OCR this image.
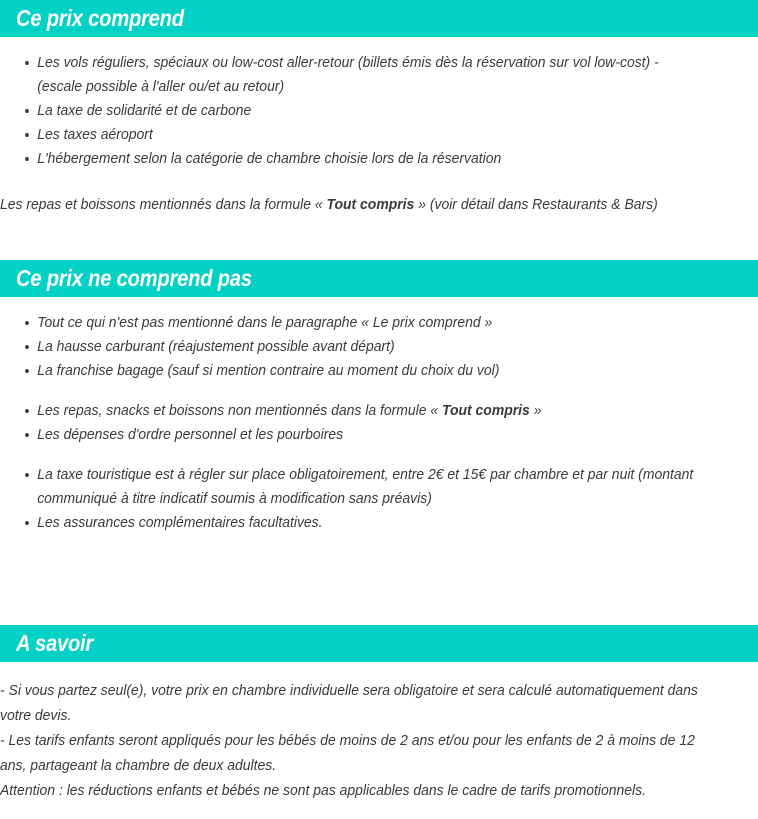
Ce prix comprend
Les vols réguliers, spéciaux ou low-cost aller-retour (billets émis dès la réservation sur vol low-cost) - (escale possible à l'aller ou/et au retour)
La taxe de solidarité et de carbone
Les taxes aéroport
L'hébergement selon la catégorie de chambre choisie lors de la réservation

Les repas et boissons mentionnés dans la formule « Tout compris » (voir détail dans Restaurants & Bars)

Ce prix ne comprend pas
Tout ce qui n'est pas mentionné dans le paragraphe « Le prix comprend »
La hausse carburant (réajustement possible avant départ)
La franchise bagage (sauf si mention contraire au moment du choix du vol)
Les repas, snacks et boissons non mentionnés dans la formule « Tout compris »
Les dépenses d'ordre personnel et les pourboires
La taxe touristique est à régler sur place obligatoirement, entre 2€ et 15€ par chambre et par nuit (montant communiqué à titre indicatif soumis à modification sans préavis)
Les assurances complémentaires facultatives.
A savoir

- Si vous partez seul(e), votre prix en chambre individuelle sera obligatoire et sera calculé automatiquement dans votre devis.

- Les tarifs enfants seront appliqués pour les bébés de moins de 2 ans et/ou pour les enfants de 2 à moins de 12 ans, partageant la chambre de deux adultes.

Attention : les réductions enfants et bébés ne sont pas applicables dans le cadre de tarifs promotionnels.
